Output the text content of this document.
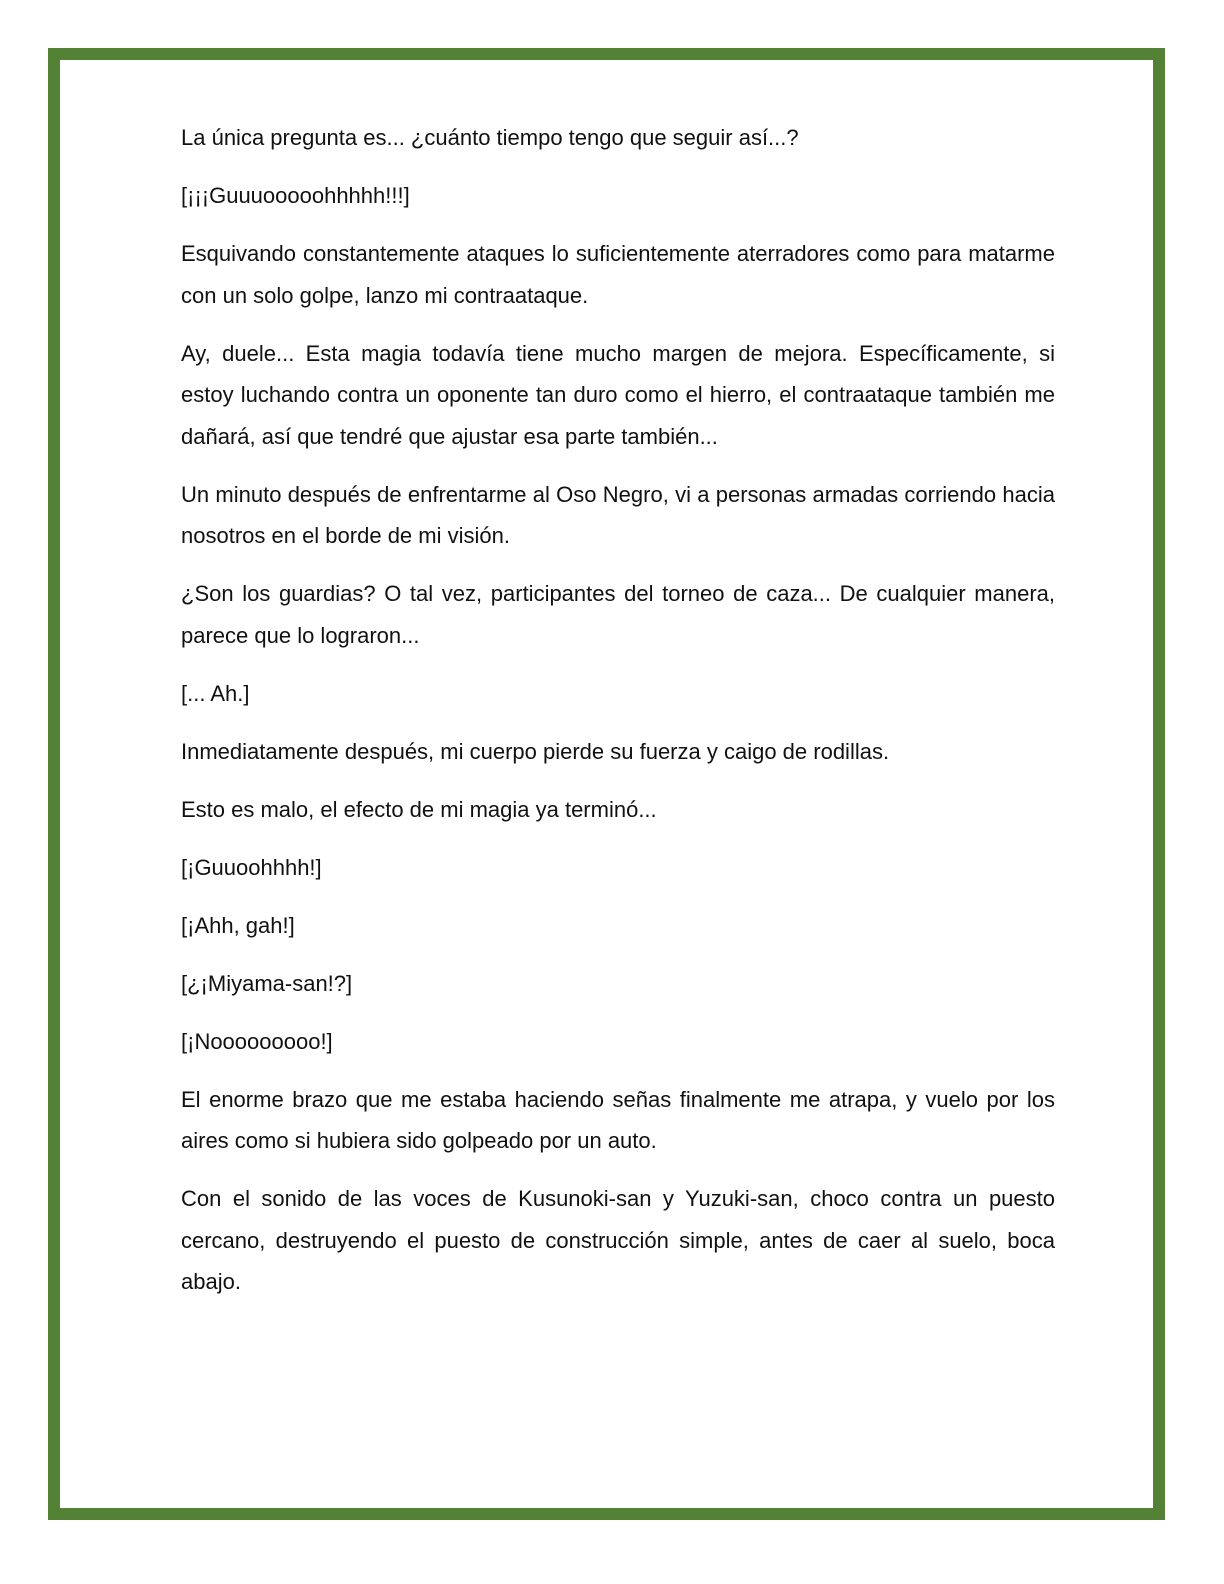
La única pregunta es... ¿cuánto tiempo tengo que seguir así...?

[¡¡¡Guuuooooohhhhh!!!]

Esquivando constantemente ataques lo suficientemente aterradores como para matarme con un solo golpe, lanzo mi contraataque.

Ay, duele... Esta magia todavía tiene mucho margen de mejora. Específicamente, si estoy luchando contra un oponente tan duro como el hierro, el contraataque también me dañará, así que tendré que ajustar esa parte también...

Un minuto después de enfrentarme al Oso Negro, vi a personas armadas corriendo hacia nosotros en el borde de mi visión.

¿Son los guardias? O tal vez, participantes del torneo de caza... De cualquier manera, parece que lo lograron...

[... Ah.]

Inmediatamente después, mi cuerpo pierde su fuerza y caigo de rodillas.

Esto es malo, el efecto de mi magia ya terminó...

[¡Guuoohhhh!]

[¡Ahh, gah!]

[¿¡Miyama-san!?]

[¡Nooooooooo!]

El enorme brazo que me estaba haciendo señas finalmente me atrapa, y vuelo por los aires como si hubiera sido golpeado por un auto.

Con el sonido de las voces de Kusunoki-san y Yuzuki-san, choco contra un puesto cercano, destruyendo el puesto de construcción simple, antes de caer al suelo, boca abajo.
